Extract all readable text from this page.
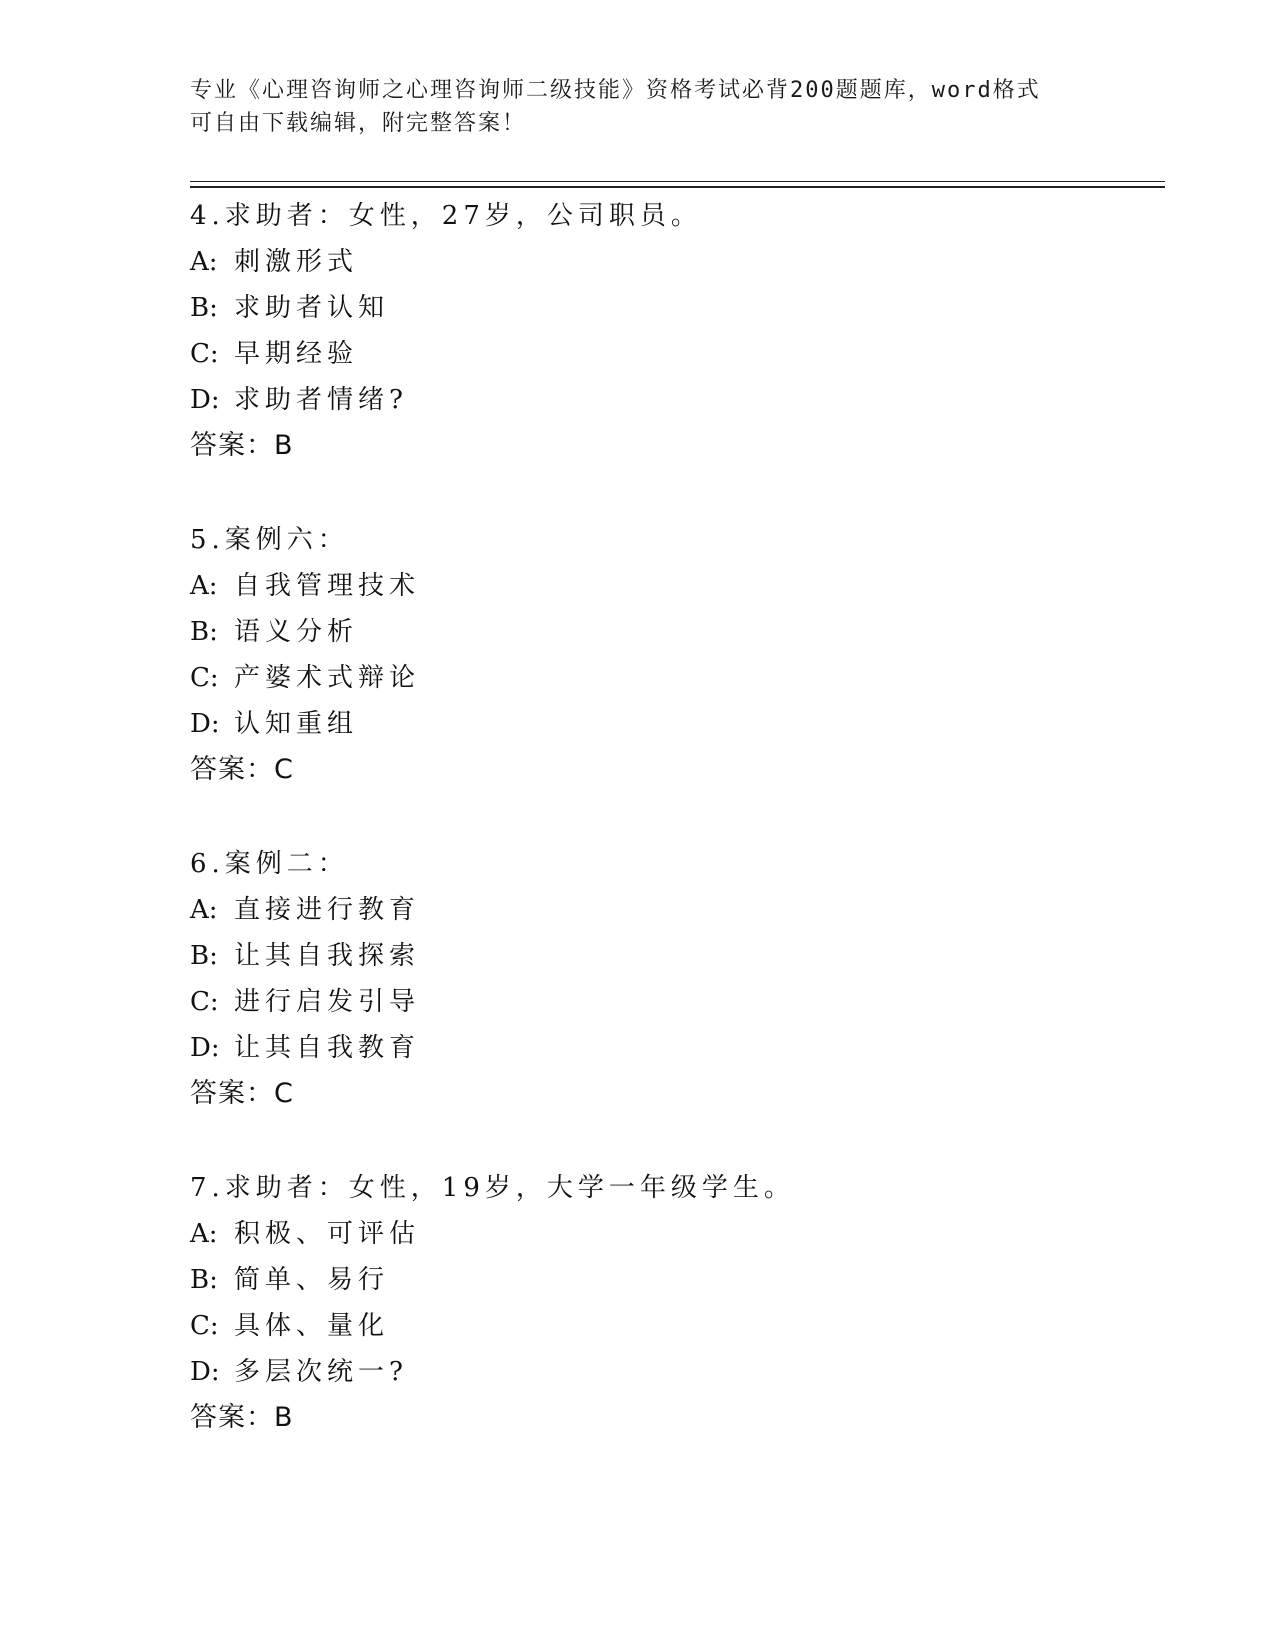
专业《心理咨询师之心理咨询师二级技能》资格考试必背200题题库，word格式
可自由下载编辑，附完整答案！
4.求助者：女性，27岁，公司职员。
A: 刺激形式
B: 求助者认知
C: 早期经验
D: 求助者情绪?
答案：B
5.案例六：
A: 自我管理技术
B: 语义分析
C: 产婆术式辩论
D: 认知重组
答案：C
6.案例二：
A: 直接进行教育
B: 让其自我探索
C: 进行启发引导
D: 让其自我教育
答案：C
7.求助者：女性，19岁，大学一年级学生。
A: 积极、可评估
B: 简单、易行
C: 具体、量化
D: 多层次统一?
答案：B
